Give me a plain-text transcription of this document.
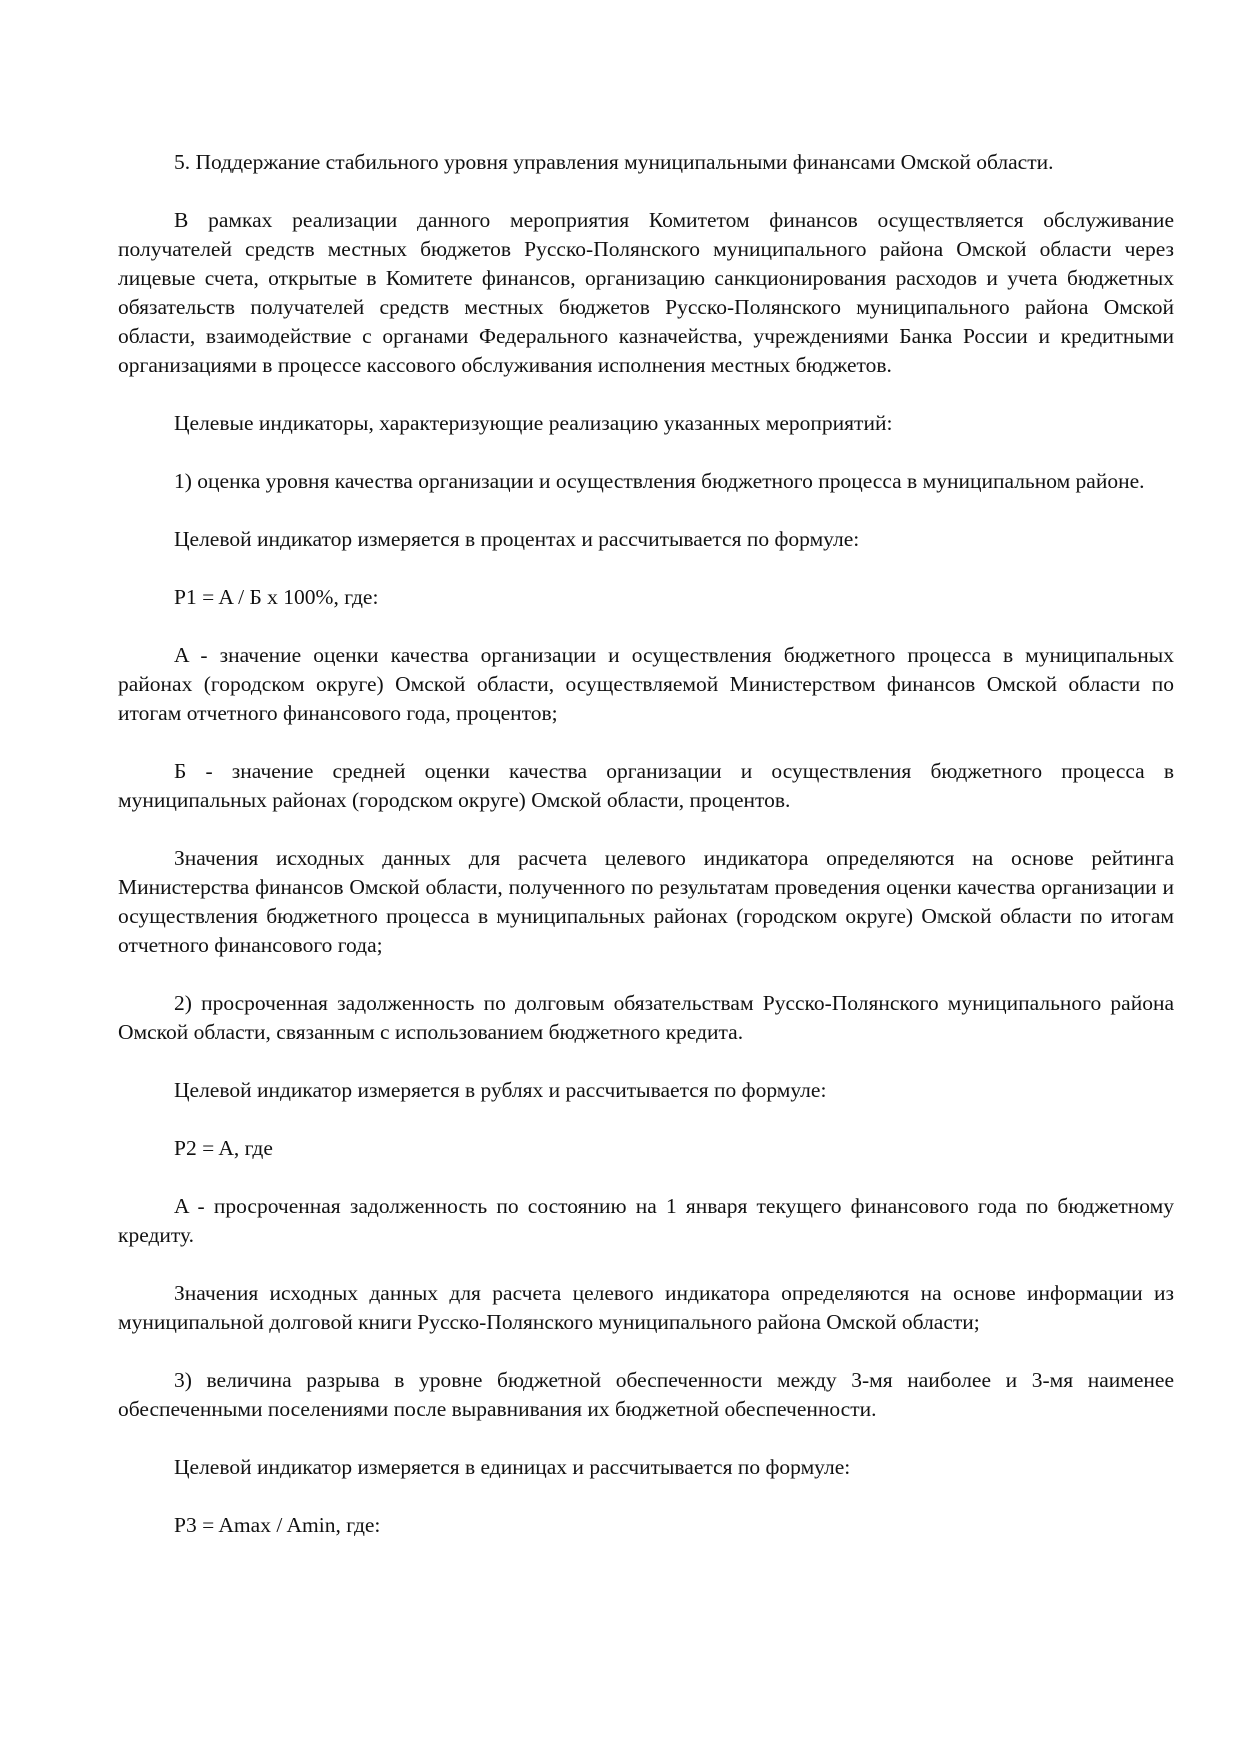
5. Поддержание стабильного уровня управления муниципальными финансами Омской области.

В рамках реализации данного мероприятия Комитетом финансов осуществляется обслуживание получателей средств местных бюджетов Русско-Полянского муниципального района Омской области через лицевые счета, открытые в Комитете финансов, организацию санкционирования расходов и учета бюджетных обязательств получателей средств местных бюджетов Русско-Полянского муниципального района Омской области, взаимодействие с органами Федерального казначейства, учреждениями Банка России и кредитными организациями в процессе кассового обслуживания исполнения местных бюджетов.

Целевые индикаторы, характеризующие реализацию указанных мероприятий:

1) оценка уровня качества организации и осуществления бюджетного процесса в муниципальном районе.

Целевой индикатор измеряется в процентах и рассчитывается по формуле:

P1 = A / Б x 100%, где:

A - значение оценки качества организации и осуществления бюджетного процесса в муниципальных районах (городском округе) Омской области, осуществляемой Министерством финансов Омской области по итогам отчетного финансового года, процентов;

Б - значение средней оценки качества организации и осуществления бюджетного процесса в муниципальных районах (городском округе) Омской области, процентов.

Значения исходных данных для расчета целевого индикатора определяются на основе рейтинга Министерства финансов Омской области, полученного по результатам проведения оценки качества организации и осуществления бюджетного процесса в муниципальных районах (городском округе) Омской области по итогам отчетного финансового года;

2) просроченная задолженность по долговым обязательствам Русско-Полянского муниципального района Омской области, связанным с использованием бюджетного кредита.

Целевой индикатор измеряется в рублях и рассчитывается по формуле:

P2 = A, где

A - просроченная задолженность по состоянию на 1 января текущего финансового года по бюджетному кредиту.

Значения исходных данных для расчета целевого индикатора определяются на основе информации из муниципальной долговой книги Русско-Полянского муниципального района Омской области;

3) величина разрыва в уровне бюджетной обеспеченности между 3-мя наиболее и 3-мя наименее обеспеченными поселениями после выравнивания их бюджетной обеспеченности.

Целевой индикатор измеряется в единицах и рассчитывается по формуле:

P3 = Amax / Amin, где:
